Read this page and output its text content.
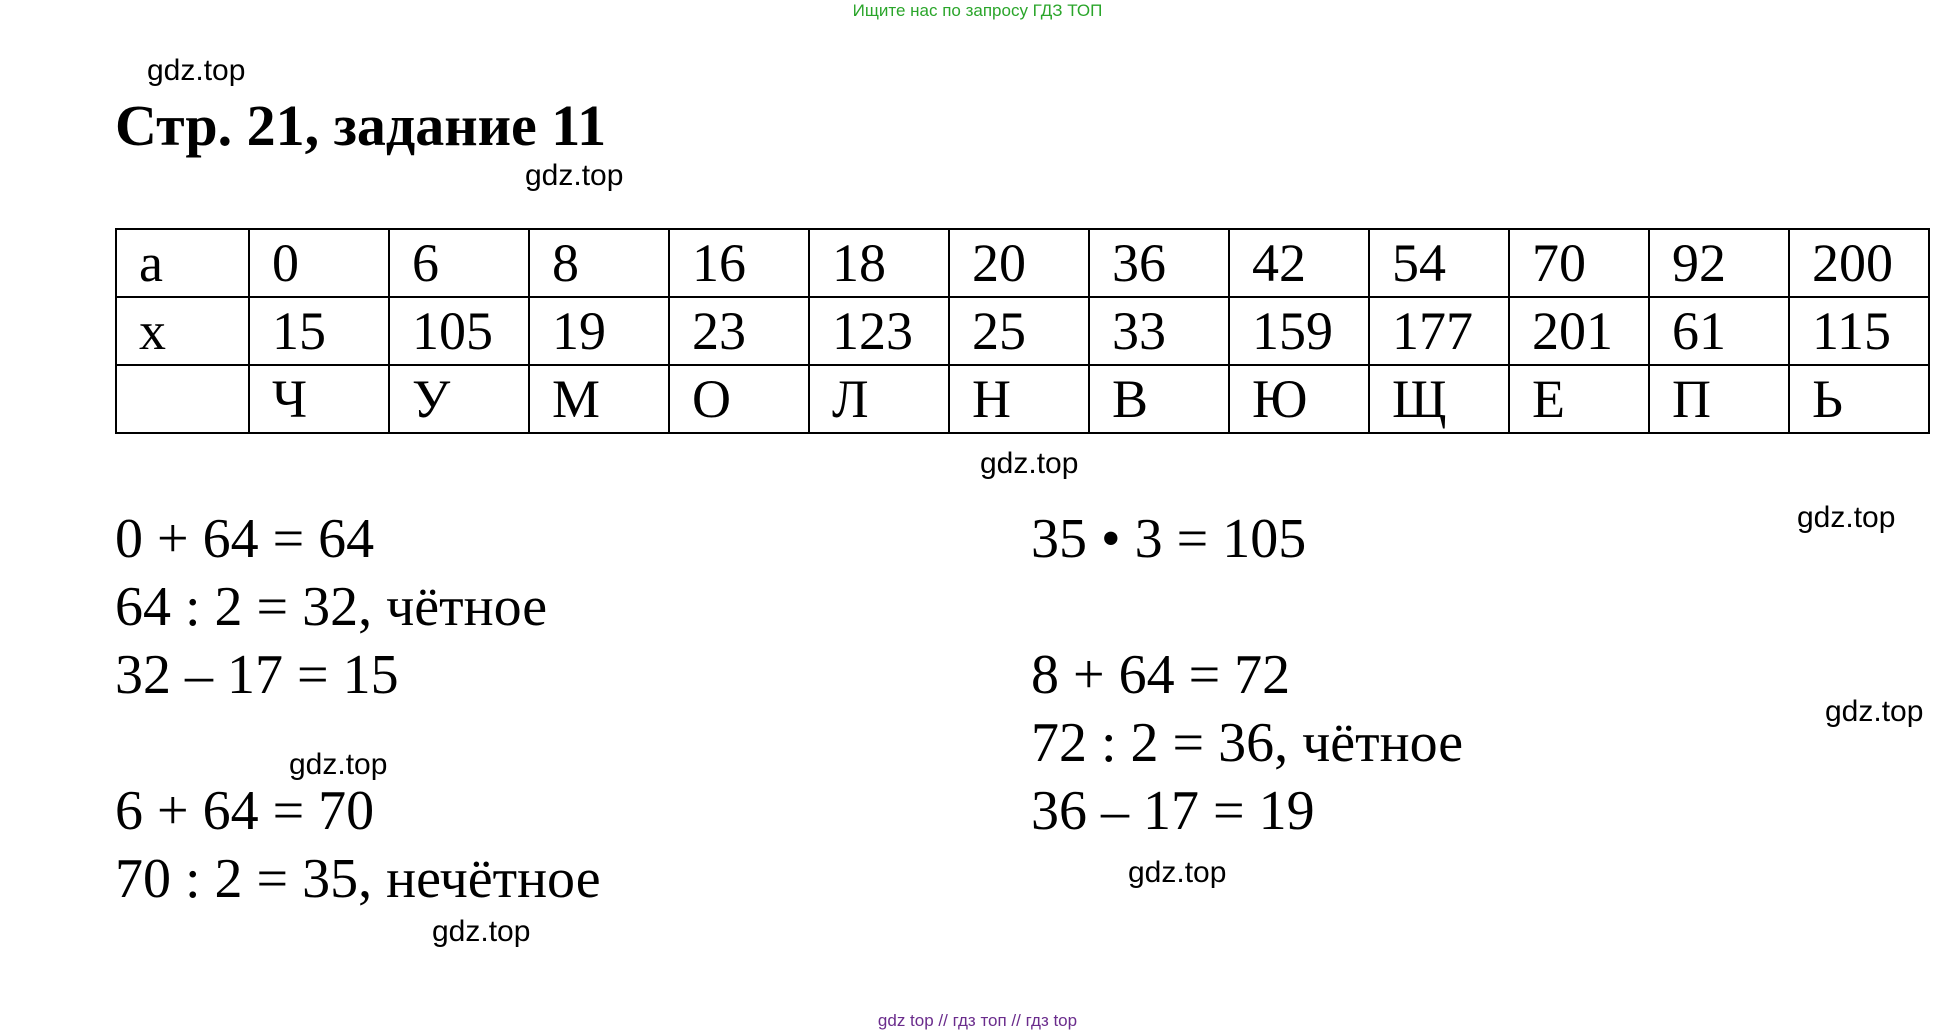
Ищите нас по запросу ГДЗ ТОП
gdz.top
gdz.top
gdz.top
gdz.top
gdz.top
gdz.top
gdz.top
gdz.top
Стр. 21, задание 11
a	0	6	8	16	18	20	36	42	54	70	92	200
x	15	105	19	23	123	25	33	159	177	201	61	115
	Ч	У	М	О	Л	Н	В	Ю	Щ	Е	П	Ь
0 + 64 = 64
64 : 2 = 32, чётное
32 – 17 = 15
6 + 64 = 70
70 : 2 = 35, нечётное
35 • 3 = 105
8 + 64 = 72
72 : 2 = 36, чётное
36 – 17 = 19
gdz top // гдз топ // гдз top
